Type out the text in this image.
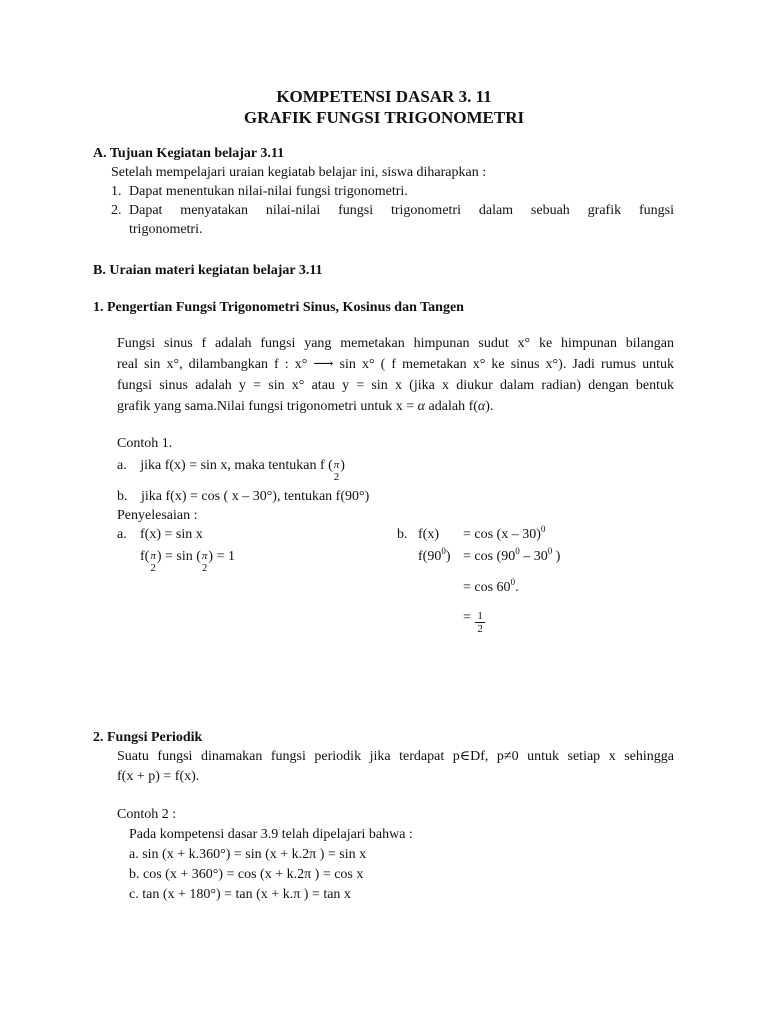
KOMPETENSI DASAR 3. 11
GRAFIK FUNGSI TRIGONOMETRI
A. Tujuan Kegiatan belajar 3.11
Setelah mempelajari uraian kegiatab belajar ini, siswa diharapkan :
1. Dapat menentukan nilai-nilai fungsi trigonometri.
2. Dapat menyatakan nilai-nilai fungsi trigonometri dalam sebuah grafik fungsi
trigonometri.
B. Uraian materi kegiatan belajar 3.11
1. Pengertian Fungsi Trigonometri Sinus, Kosinus dan Tangen
Fungsi sinus f adalah fungsi yang memetakan himpunan sudut x° ke himpunan bilangan
real sin x°, dilambangkan f : x° ⟶ sin x° ( f memetakan x° ke sinus x°). Jadi rumus untuk
fungsi sinus adalah y = sin x° atau y = sin x (jika x diukur dalam radian) dengan bentuk
grafik yang sama.Nilai fungsi trigonometri untuk x = α adalah f(α).
Contoh 1.
a. jika f(x) = sin x, maka tentukan f ( π
2
)
b. jika f(x) = cos ( x – 30°), tentukan f(90°)
Penyelesaian :
a. f(x) = sin x
f( π
2
) = sin ( π
2
) = 1
b. f(x) = cos (x – 30)$^0$
$f(90^0) = \cos (90^0 - 30^0$ )
= $\cos 60^0$.
= $\frac{1}{2}$
2. Fungsi Periodik
Suatu fungsi dinamakan fungsi periodik jika terdapat p∈Df, p≠0 untuk setiap x sehingga
f(x + p) = f(x).
Contoh 2 :
Pada kompetensi dasar 3.9 telah dipelajari bahwa :
a. sin (x + k.360°) = sin (x + k.2π ) = sin x
b. cos (x + 360°) = cos (x + k.2π ) = cos x
c. tan (x + 180°) = tan (x + k.π ) = tan x
